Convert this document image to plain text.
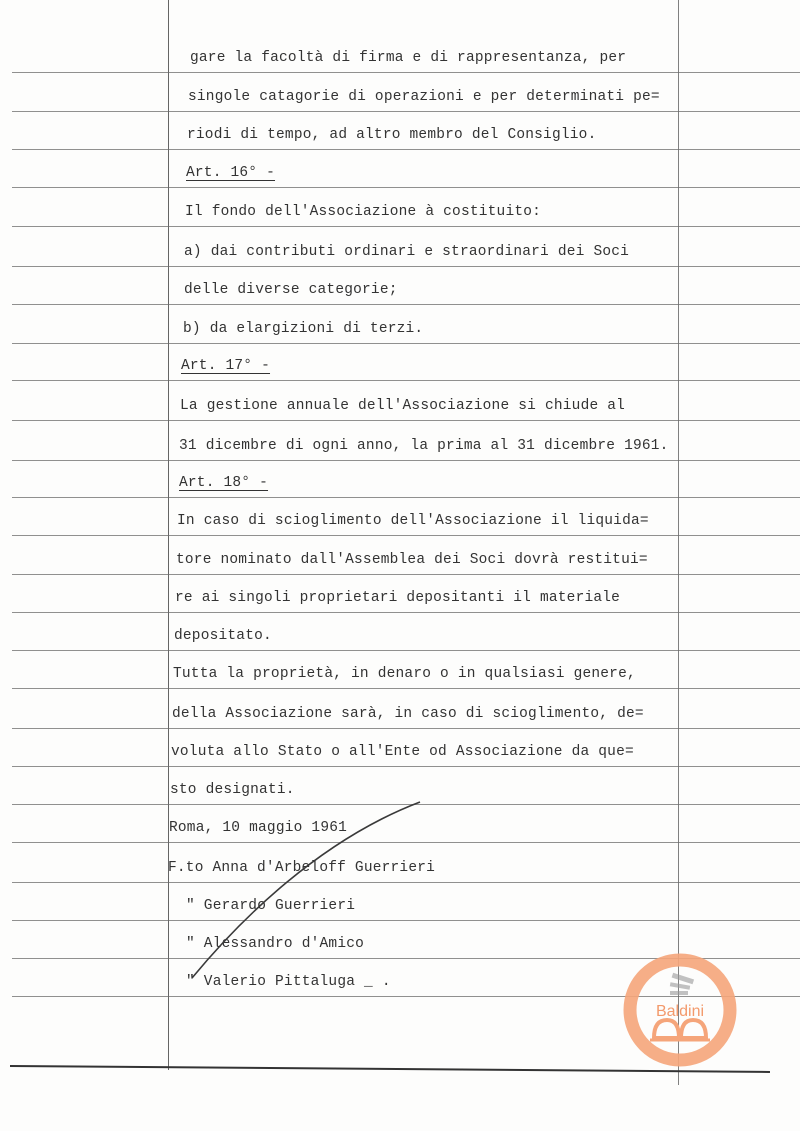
gare la facoltà di firma e di rappresentanza, per
singole catagorie di operazioni e per determinati pe=
riodi di tempo, ad altro membro del Consiglio.
Art. 16° -
Il fondo dell'Associazione à costituito:
a) dai contributi ordinari e straordinari dei Soci
delle diverse categorie;
b) da elargizioni di terzi.
Art. 17° -
La gestione annuale dell'Associazione si chiude al
31 dicembre di ogni anno, la prima al 31 dicembre 1961.
Art. 18° -
In caso di scioglimento dell'Associazione il liquida=
tore nominato dall'Assemblea dei Soci dovrà restitui=
re ai singoli proprietari depositanti il materiale
depositato.
Tutta la proprietà, in denaro o in qualsiasi genere,
della Associazione sarà, in caso di scioglimento, de=
voluta allo Stato o all'Ente od Associazione da que=
sto designati.
Roma, 10 maggio 1961
F.to Anna d'Arbeloff Guerrieri
" Gerardo Guerrieri
" Alessandro d'Amico
" Valerio Pittaluga _ .
Baldini
